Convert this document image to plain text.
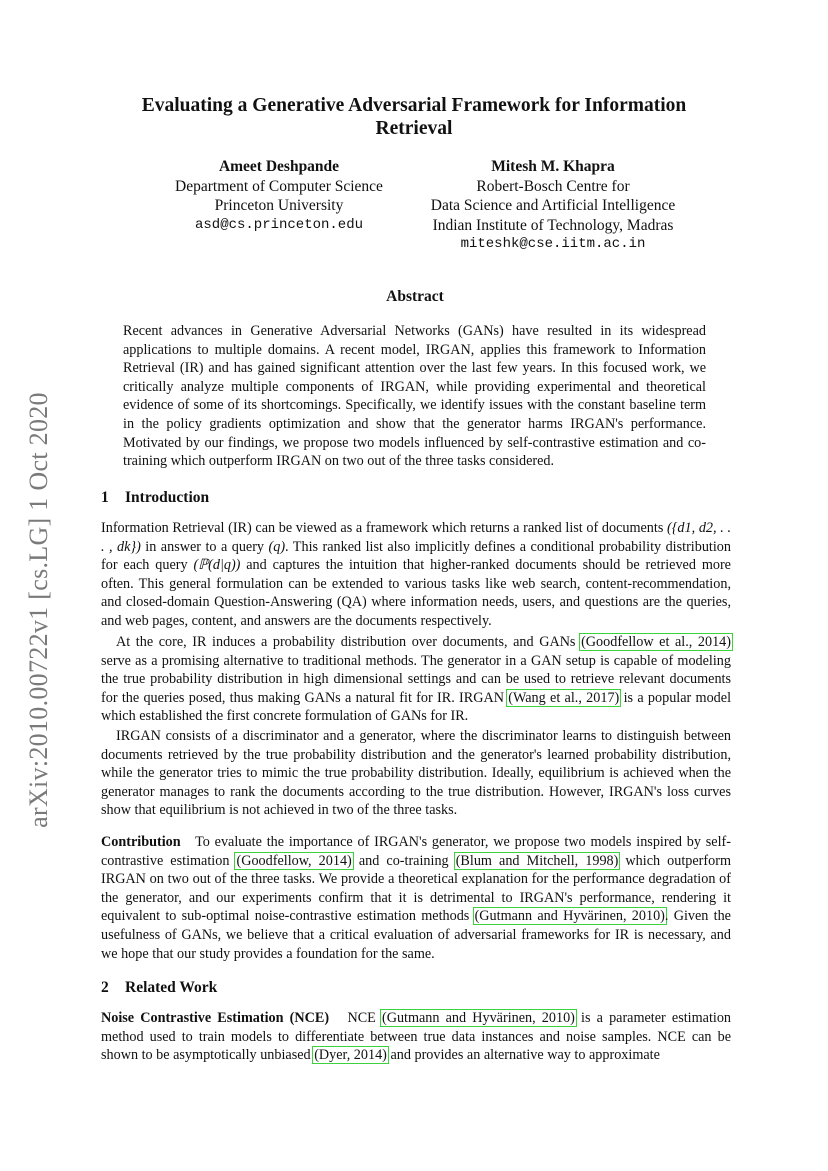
arXiv:2010.00722v1 [cs.LG] 1 Oct 2020
Evaluating a Generative Adversarial Framework for Information Retrieval
Ameet Deshpande
Department of Computer Science
Princeton University
asd@cs.princeton.edu
Mitesh M. Khapra
Robert-Bosch Centre for
Data Science and Artificial Intelligence
Indian Institute of Technology, Madras
miteshk@cse.iitm.ac.in
Abstract
Recent advances in Generative Adversarial Networks (GANs) have resulted in its widespread applications to multiple domains. A recent model, IRGAN, applies this framework to Information Retrieval (IR) and has gained significant attention over the last few years. In this focused work, we critically analyze multiple components of IRGAN, while providing experimental and theoretical evidence of some of its shortcomings. Specifically, we identify issues with the constant baseline term in the policy gradients optimization and show that the generator harms IRGAN's performance. Motivated by our findings, we propose two models influenced by self-contrastive estimation and co-training which outperform IRGAN on two out of the three tasks considered.
1 Introduction

Information Retrieval (IR) can be viewed as a framework which returns a ranked list of documents ({d1, d2, . . . , dk}) in answer to a query (q). This ranked list also implicitly defines a conditional probability distribution for each query (ℙ(d|q)) and captures the intuition that higher-ranked documents should be retrieved more often. This general formulation can be extended to various tasks like web search, content-recommendation, and closed-domain Question-Answering (QA) where information needs, users, and questions are the queries, and web pages, content, and answers are the documents respectively.

At the core, IR induces a probability distribution over documents, and GANs (Goodfellow et al., 2014) serve as a promising alternative to traditional methods. The generator in a GAN setup is capable of modeling the true probability distribution in high dimensional settings and can be used to retrieve relevant documents for the queries posed, thus making GANs a natural fit for IR. IRGAN (Wang et al., 2017) is a popular model which established the first concrete formulation of GANs for IR.

IRGAN consists of a discriminator and a generator, where the discriminator learns to distinguish between documents retrieved by the true probability distribution and the generator's learned probability distribution, while the generator tries to mimic the true probability distribution. Ideally, equilibrium is achieved when the generator manages to rank the documents according to the true distribution. However, IRGAN's loss curves show that equilibrium is not achieved in two of the three tasks.

Contribution To evaluate the importance of IRGAN's generator, we propose two models inspired by self-contrastive estimation (Goodfellow, 2014) and co-training (Blum and Mitchell, 1998) which outperform IRGAN on two out of the three tasks. We provide a theoretical explanation for the performance degradation of the generator, and our experiments confirm that it is detrimental to IRGAN's performance, rendering it equivalent to sub-optimal noise-contrastive estimation methods (Gutmann and Hyvärinen, 2010). Given the usefulness of GANs, we believe that a critical evaluation of adversarial frameworks for IR is necessary, and we hope that our study provides a foundation for the same.

2 Related Work

Noise Contrastive Estimation (NCE) NCE (Gutmann and Hyvärinen, 2010) is a parameter estimation method used to train models to differentiate between true data instances and noise samples. NCE can be shown to be asymptotically unbiased (Dyer, 2014) and provides an alternative way to approximate
